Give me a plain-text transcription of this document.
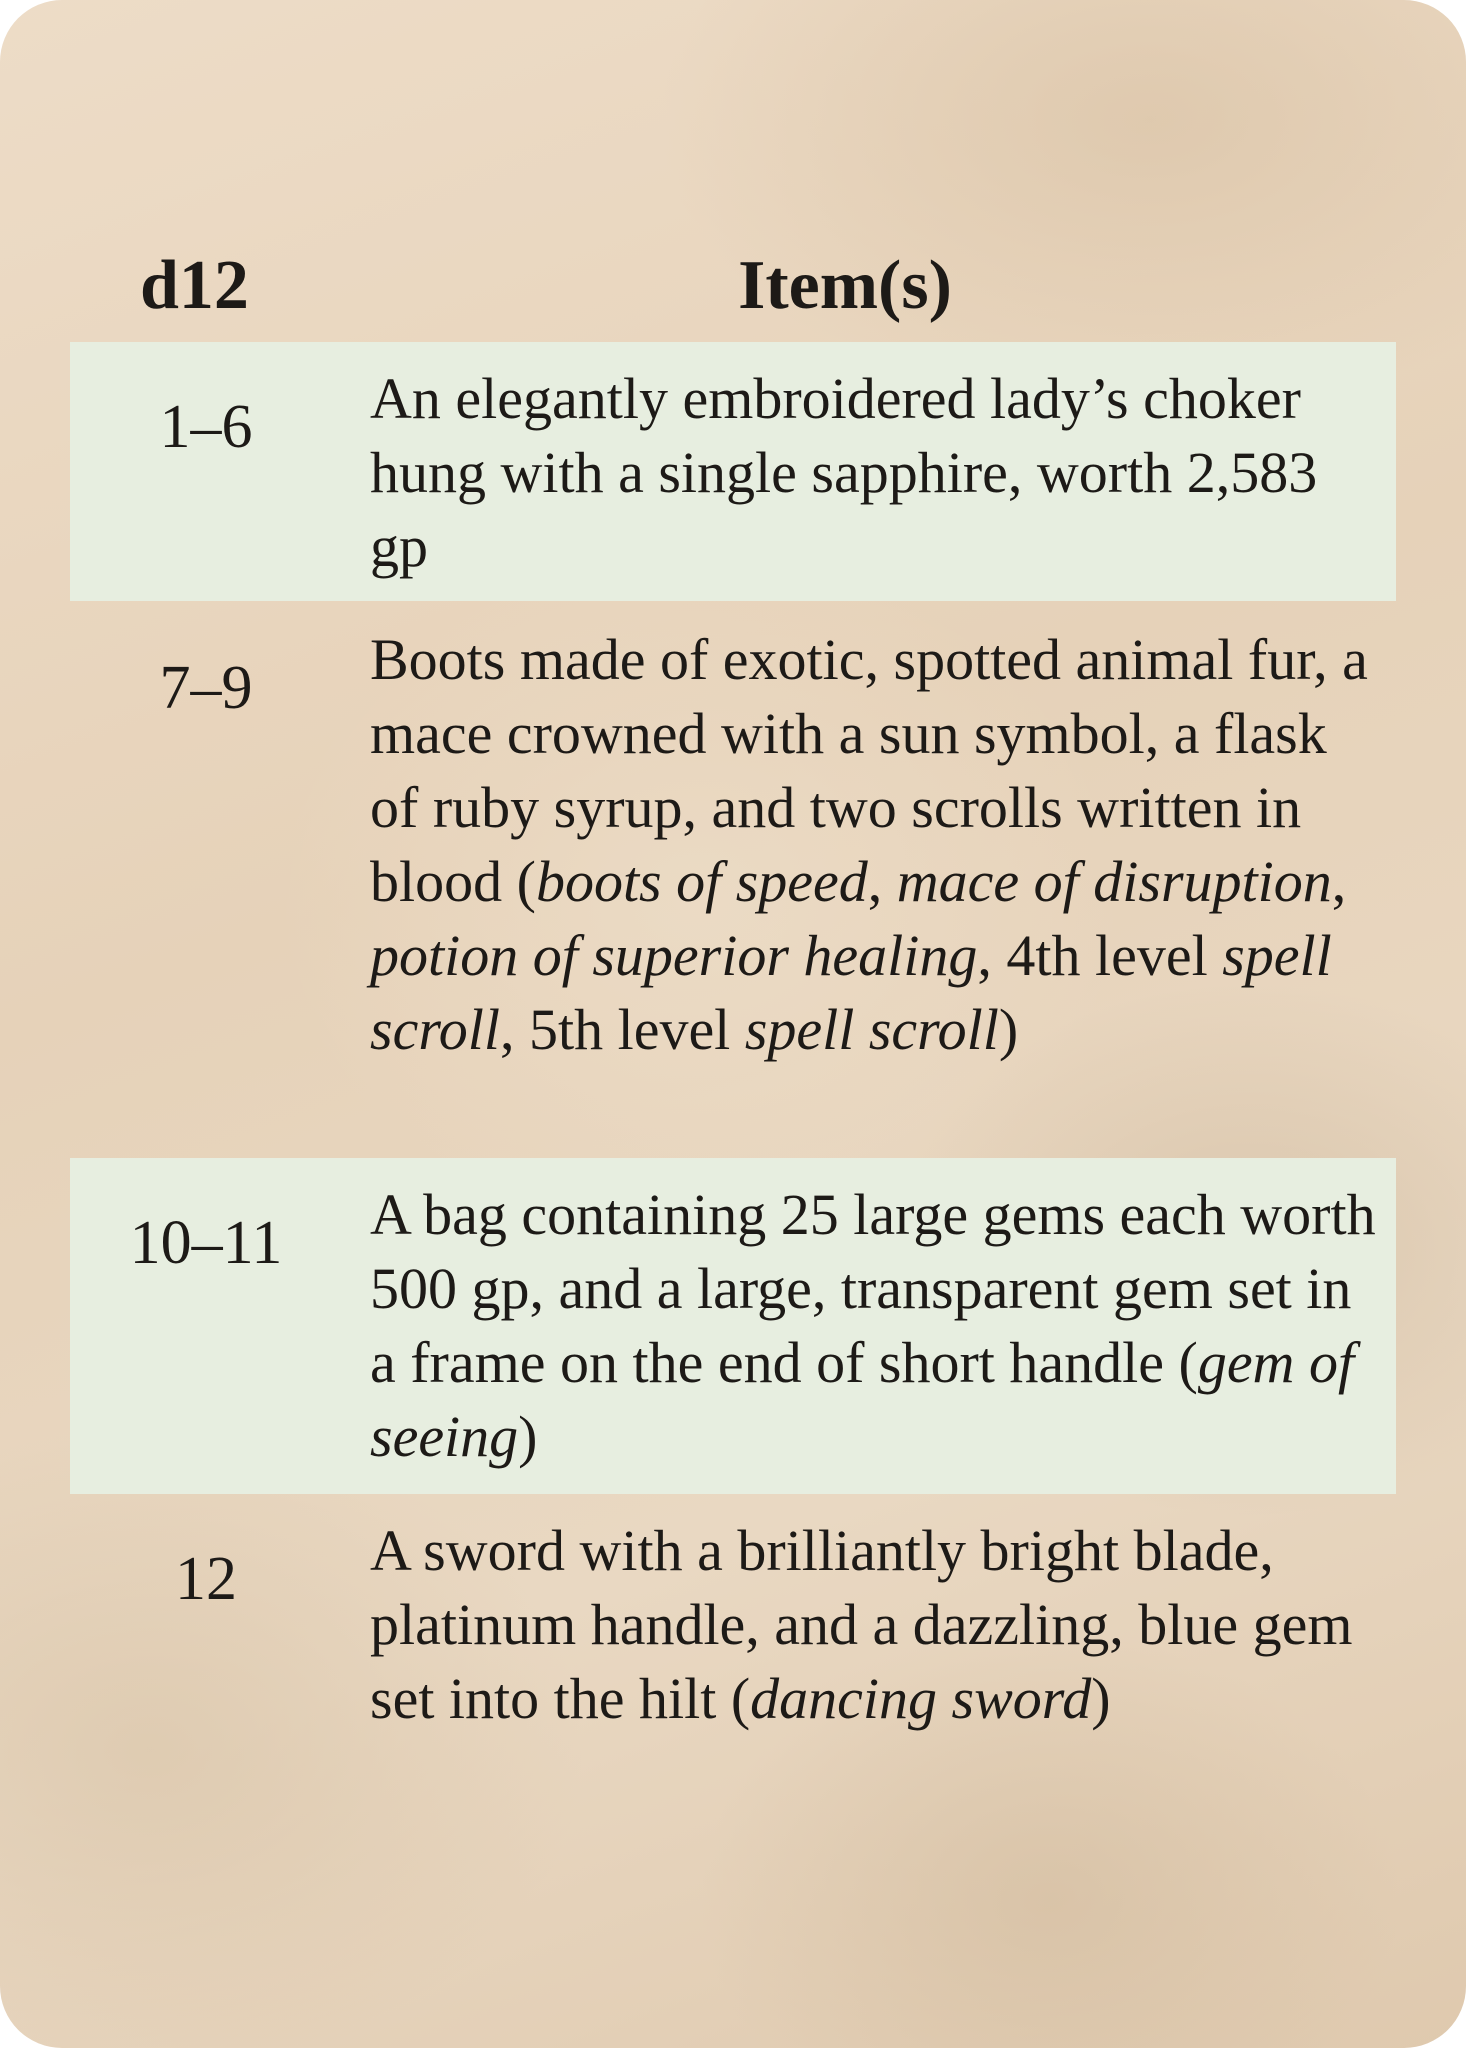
d12	Item(s)
1–6	An elegantly embroidered lady’s choker hung with a single sapphire, worth 2,583 gp
7–9	Boots made of exotic, spotted animal fur, a mace crowned with a sun symbol, a flask of ruby syrup, and two scrolls written in blood (boots of speed, mace of disruption, potion of superior healing, 4th level spell scroll, 5th level spell scroll)
10–11	A bag containing 25 large gems each worth 500 gp, and a large, transparent gem set in a frame on the end of short handle (gem of seeing)
12	A sword with a brilliantly bright blade, platinum handle, and a dazzling, blue gem set into the hilt (dancing sword)
